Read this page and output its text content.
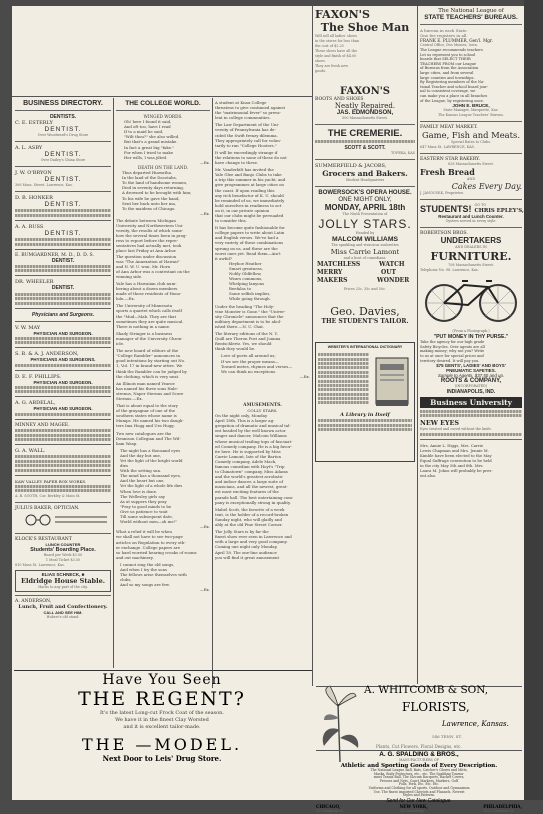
BUSINESS DIRECTORY.

DENTISTS.

C. E. ESTERLY

DENTIST.

Over Woodward's Drug Store

A. L. ASBY

DENTIST.

Over Dailey's China Store

J. W. O'BRYON

DENTIST.

306 Mass. Street. Lawrence, Kas.

D. B. HONKER

DENTIST.

A. A. RUSS

DENTIST.

E. BUMGARDNER, M. D., D. D. S.

DENTIST.

DR. WHEELER

DENTIST.

Physicians and Surgeons.

V. W. MAY

PHYSICIAN AND SURGEON.

S. B. & A. J. ANDERSON,

PHYSICIANS AND SURGEONS.

D. E. F. PHILLIPS.

PHYSICIAN AND SURGEON.

A. G. ABDELAL,

PHYSICIAN AND SURGEON.

MINNEY AND MAGEE.

G. A. WALL.

KAW VALLEY PAPER BOX WORKS.

A. B. SOOTH, Cor. Berkley & Main St.

JULIUS BAKER, OPTICIAN.

KLOCK'S RESTAURANT

LUNCH COUNTER

Students' Boarding Place.

Board per Week $3.00

1 Meal Ticket $3.50

810 Mass St. Lawrence, Kas.

ELIAS SCHNECK, ■

Eldridge House Stable.

Hacks to any part of the city.

A. ANDERSON,

Lunch, Fruit and Confectionery.

CALL AND SEE HIM.

Hubert's old stand.

THE COLLEGE WORLD.

WINGED WORDS.

Oh! here I found it said,

And oft too, have I read

If to a maid he said,

"Wilt thou?" she also willed.

But that's a grand mistake.

In fact a great big "fake."

For when I tried to make

Her wills, I was jilted.

—Ex.

DEATH ON THE LAND.

Thus departed Hiawatha.

In the land of the Dacotahs,

To the land of handsome women,

Died in seventy days returning,

A drowned to be brought with him;

To his wife he gave the hand,

Sent her back unto her ma,

To the maidens of Chicago.

—Ex.

The debate between Michigan

University and Northwestern Uni-

versity, the results of which some-

how the several times been in prog-

ress to report before the repre-

sentatives had actually met, took

place last Friday at Ann Arbor.

The question under discussion

was "The Annexation of Hawaii"

and N. W. U. won. Mr. Horn

of Ann Arbor was a contestant on the

winning side.

Yale has a Hawaiian club num-

bering about a dozen members

made of those residents of Hono-

lulu.—Ex.

The University of Minnesota

sports a quartet which calls itself

the "Mud—Mab. They are that

sometimes they are quite musical.

There is nothing in a name.

Shady Stringer is a business

manager of the University Chron-

icle.

The new board of editors of the

"College Rambler" announces in

good intentions by starting out No.

1, Vol. 17 in brand-new attire. We

think the Rambler can be judged by

the clothing, which is very neat.

An Illinois man named Yearoe

has named his three sons Hale-

strenus, Naper Sternus and Score

Sternus.—Ex.

That is about equal to the story

of the grayagnar of one of the

southern states whose name is

Mumps. He named his two daugh-

ters Ima Hogg and Ura Hogg.

Two new catalogues are the

Dennison Collegian and The Wil-

liam Wasp.

The night has a thousand eyes

And the day but one,

Yet the light of the bright world

dies

With the setting sun.

The mind has a thousand eyes,

And the heart but one,

Yet the light of a whole life dies

When love is done.

The Wellesley girls say

As at suppers they pray

"Pray to good minds to be

Give us patience to wait

Till some subsequent date,

World without men—oh me!"

—Ex.

What a relief it will be when

we shall not have to see two-page

articles on Regulation to every oth-

er exchange. College papers are

so hard worried hearing croaks of rooms

and out machinery.

I cannot sing the old songs,

And when I try the sons

The fellows arise themselves with

clubs,

And so my songs are few.

—Ex.

A student at Knox College

threatens to give continued against

the "matrimonial fever" so preva-

lent in college communities.

The Law Department of the Uni-

versity of Pennsylvania has de-

cided the Swift frenzy dilemma.

They appropriately call for volun-

tarily to run "College Hooters."

It will be exceedingly strange if

the relations to none of these do not

have change to these.

Mr. Vanderbilt has invited the

Yale Glee and Banjo Clubs to take

a trip this summer in his yacht, and

give programmes at large cities on

the coast. If upon reading this

any rich benefactor of K. U. should

be reminded of us, we immediately

hold ourselves in readiness to act

on it, in our private opinion

that our clubs might be persuaded

to consider this.

It has become quite fashionable for

college papers to write about Latin

and English verses. We've had a

very variety of these combinations

sprung on us, and these are the

worst ones yet. Read them—Ain't

it awful?

Heyhoe Heather

Smart greatness,

Nobly Oldfellow,

Wears commons,

Whelping lanyons

Beefalas to

Some selfish implies,

While going through.

Under the heading "The Holy-

vine Monster is Gone." the "Univer-

sity Chronicle" announces that the

military department is to be abol-

ished there.—N. U. Chat.

The literary editions of the N. Y.

Quill are Theron Post and Joanna

Rentschlertz. Yes, we should

think they would be.

Love of poets all around us;

If we see the proper means—

Toward metes, rhymes and verses—

We can think no exceptions.

—Ex.

AMUSEMENTS.

COLLY STARS.

On the night only, Monday

April 18th. This is a larger ag-

gregation of dramatic and musical tal-

ent headed by the well known actor

singer and dancer, Malcom Williams

whose musical trailing tops of fascinat-

ed Comedy company. He is a big favor-

ite here. He is supported by Miss

Carrie Lamont, late of the Barton

Comedy company, Adele Mack,

famous comedian with Hoyt's "Trip

to Chinatown" company, Miss Adams

and the world's greatest acrobatic

and indoor dancer, a large suite of

musicians, and all the newest, great-

est most exciting features of the

parade hall. The best entertaining com-

pany is exceptionally strong in quality.

Mabel Scott, the favorite of a week

tent, is the holder of a record-broken

Sunday night, who will gladly and

ably at the old Pine Street Corner.

The Jolly Stars is by far the

finest show ever seen in Lawrence and

with a large and very good company.

Coming one night only Monday,

April 18. The one-line audience

you will find it great amusement

FAXON'S

The Shoe Man

Will sell all ladies' shoes

in the stores for less than

the cost of $2.25

These shoes have all the

style and finish of $4.00

shoes.

They are fresh new

goods.

FAXON'S

BOOTS AND SHOES

Neatly Repaired.

JAS. EDMONDSON,

500 Massachusetts Street.

THE CREMERIE.

SCOTT & SCOTT.

TOPEKA, KAS

SUMMERFIELD & JACOBS,

Grocers and Bakers.

Student Headquarters

BOWERSOCK'S OPERA HOUSE.

ONE NIGHT ONLY,

MONDAY, APRIL 18th

The Ninth Presentation of

JOLLY STARS.

Headed by

MALCOM WILLIAMS

The sparkling and vivacious soubrettes

Miss Carrie Lamont

and a host of comedians.

MATCHLESS

MERRY

MAKERS

WATCH

OUT

WONDER

Prices 25c, 35c and 50c.

Geo. Davies,

THE STUDENT'S TAILOR.

WEBSTER'S INTERNATIONAL DICTIONARY

A Library in Itself

The National League of

STATE TEACHERS' BUREAUS.

A bureau in each State.

One fee registers in all.

FRANK E. PLUMMER, Gen'l. Mgr.

Central Office, Des Moines, Iowa.

The League recommends teachers

Let us represent you to school

boards that SELECT THEIR

TEACHERS FROM our League

of Bureaus from the Association

large cities, and from several

large counties and townships.

By Registering members of the Na-

tional Teacher and school board jour-

nal to consistent coverage, we

can make you a place in all branches

of the League, by registering once.

JOHN E. BRUCE,

State Manager, Marquette, Kas.

The Kansas League Teachers' Bureau.

FAMILY MEAT MARKET.

Game, Fish and Meats.

Special Rates to Clubs.

647 Mass St. LAWRENCE, KAS.

EASTERN STAR BAKERY.

828 Massachusetts Street.

Fresh Bread

AND

Cakes Every Day.

J. JANOUSEK, Proprietor.

STUDENTS! GO TO

CHRIS EPLEY'S,

Restaurant and Lunch Counter.

Oysters served in every style.

ROBERTSON BROS.

UNDERTAKERS

AND DEALERS IN

FURNITURE.

708 Massachusetts Street.

Telephone No. 98. Lawrence, Kas.

(From a Photograph.)

"PUT MONEY IN THY PURSE."

Take the agency for our high grade

Safety Bicycles. Over agents are all

making money; why not you? Write

to us at once for special prices and

territory desired. It will pay you.

$75 GENTS', LADIES' AND BOYS'

PNEUMATIC SAFETIES.

Sample to Agents, $37.50 and up.

ROOTS & COMPANY,

(INCORPORATED)

INDIANAPOLIS, IND.

Business University

NEW EYES

Eyes treated and cured without the knife.

Mrs. Annie L. Diggs, Mrs. Carrie

Lewis Chapman and Mrs. Jennie M.

Kimble have been elected to the May

Equal Suffrage convention to be held

in the city May 5th and 6th. Mrs.

Laura M. Johns will probably be pres-

ent also.

A. WHITCOMB & SON,

FLORISTS,

Lawrence, Kansas.

546 TENN. ST.

Plants, Cut Flowers, Floral Designs, etc.

A. G. SPALDING & BROS.,

MANUFACTURERS OF

Athletic and Sporting Goods of Every Description.

The National League Ball, Bats, Catcher's Gloves and Mitts,

Masks, Body Protectors, etc., etc. The Spalding Tourna-

ment Tennis Ball, The Slocum Racquets, Racket Covers,

Presses and Nets, Court Markers, Markers, Golf

Polls, Fork, Etc. Etc. Etc.

Uniforms and Clothing for all sports. Outdoor and Gymnasium

Use. The finest imported Cheviots and Flannels. Newest

Styles and Patterns.

Send for Our New Catalogue.

CHICAGO,

108 Madison St.

NEW YORK,

243 Broadway.

PHILADELPHIA,

1032 Chestnut St.

Have You Seen

THE REGENT?

It's the latest Long-cut Frock Coat of the season.

We have it in the finest Clay Worsted

and it is excellent tailor-made.

THE —MODEL.

Next Door to Leis' Drug Store.
